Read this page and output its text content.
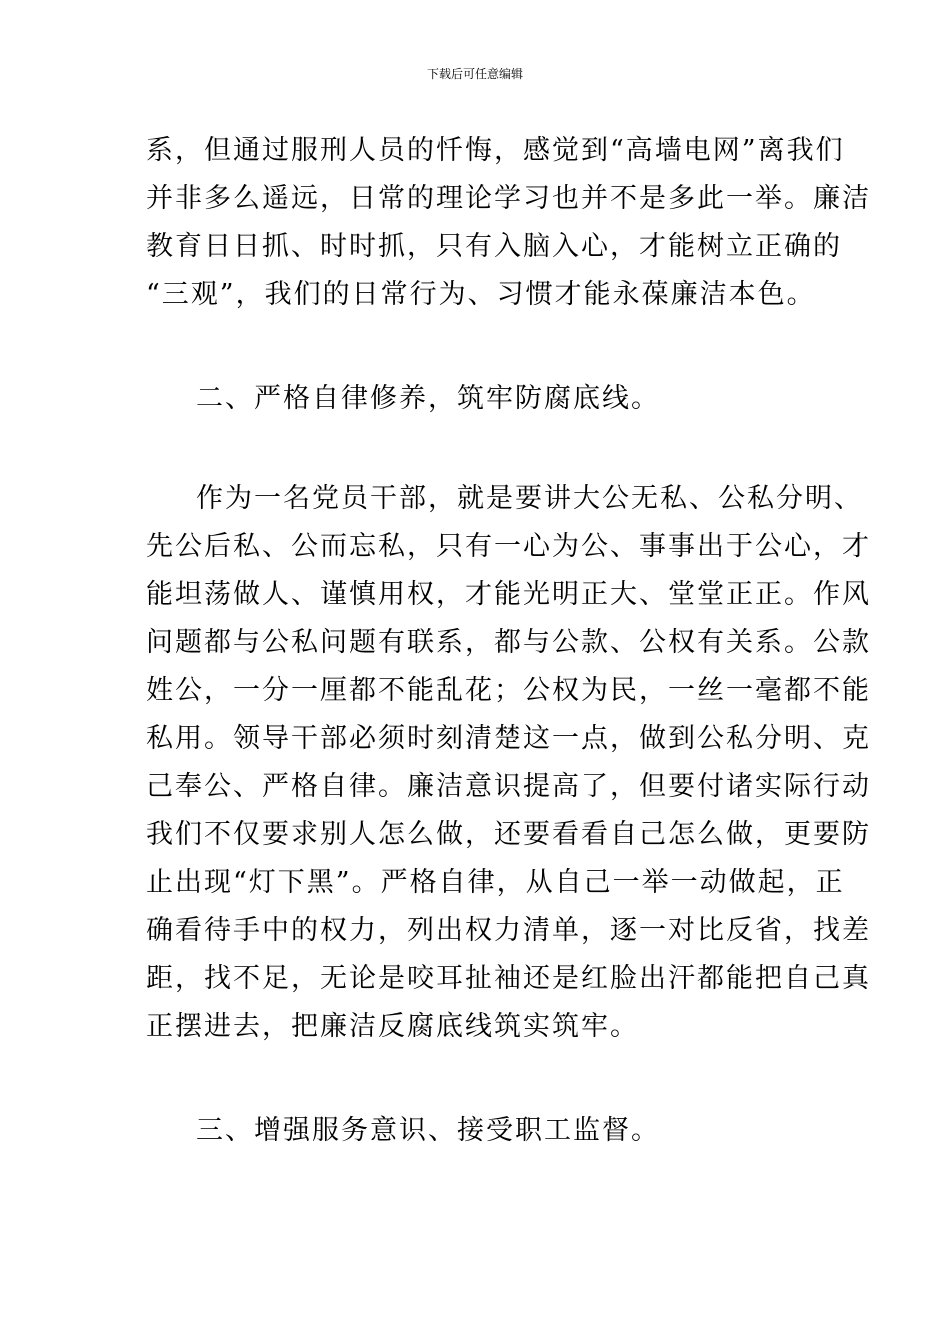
下载后可任意编辑
系，但通过服刑人员的忏悔，感觉到“高墙电网”离我们
并非多么遥远，日常的理论学习也并不是多此一举。廉洁
教育日日抓、时时抓，只有入脑入心，才能树立正确的
“三观”，我们的日常行为、习惯才能永葆廉洁本色。
二、严格自律修养，筑牢防腐底线。
作为一名党员干部，就是要讲大公无私、公私分明、
先公后私、公而忘私，只有一心为公、事事出于公心，才
能坦荡做人、谨慎用权，才能光明正大、堂堂正正。作风
问题都与公私问题有联系，都与公款、公权有关系。公款
姓公，一分一厘都不能乱花；公权为民，一丝一毫都不能
私用。领导干部必须时刻清楚这一点，做到公私分明、克
己奉公、严格自律。廉洁意识提高了，但要付诸实际行动
我们不仅要求别人怎么做，还要看看自己怎么做，更要防
止出现“灯下黑”。严格自律，从自己一举一动做起，正
确看待手中的权力，列出权力清单，逐一对比反省，找差
距，找不足，无论是咬耳扯袖还是红脸出汗都能把自己真
正摆进去，把廉洁反腐底线筑实筑牢。
三、增强服务意识、接受职工监督。
